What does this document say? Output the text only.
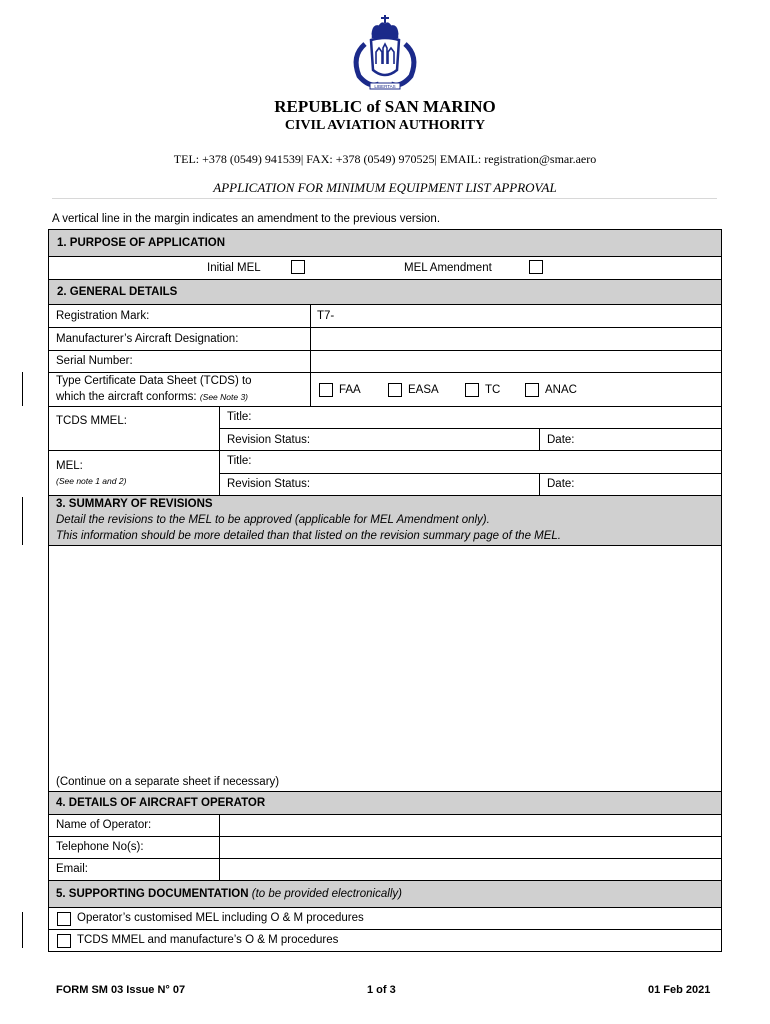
LIBERTAS
REPUBLIC of SAN MARINO
CIVIL AVIATION AUTHORITY
TEL: +378 (0549) 941539| FAX: +378 (0549) 970525| EMAIL: registration@smar.aero
APPLICATION FOR MINIMUM EQUIPMENT LIST APPROVAL
A vertical line in the margin indicates an amendment to the previous version.
1. PURPOSE OF APPLICATION
Initial MEL	MEL Amendment
2. GENERAL DETAILS
Registration Mark:	T7-
Manufacturer’s Aircraft Designation:
Serial Number:
Type Certificate Data Sheet (TCDS) to
which the aircraft conforms: (See Note 3)
FAA	EASA	TC	ANAC
TCDS MMEL:	Title:
Revision Status:	Date:
MEL:
(See note 1 and 2)
Title:
Revision Status:	Date:
3. SUMMARY OF REVISIONS
Detail the revisions to the MEL to be approved (applicable for MEL Amendment only).
This information should be more detailed than that listed on the revision summary page of the MEL.
(Continue on a separate sheet if necessary)
4. DETAILS OF AIRCRAFT OPERATOR
Name of Operator:
Telephone No(s):
Email:
5. SUPPORTING DOCUMENTATION (to be provided electronically)
Operator’s customised MEL including O & M procedures
TCDS MMEL and manufacture’s O & M procedures
FORM SM 03 Issue N° 07	1 of 3	01 Feb 2021
